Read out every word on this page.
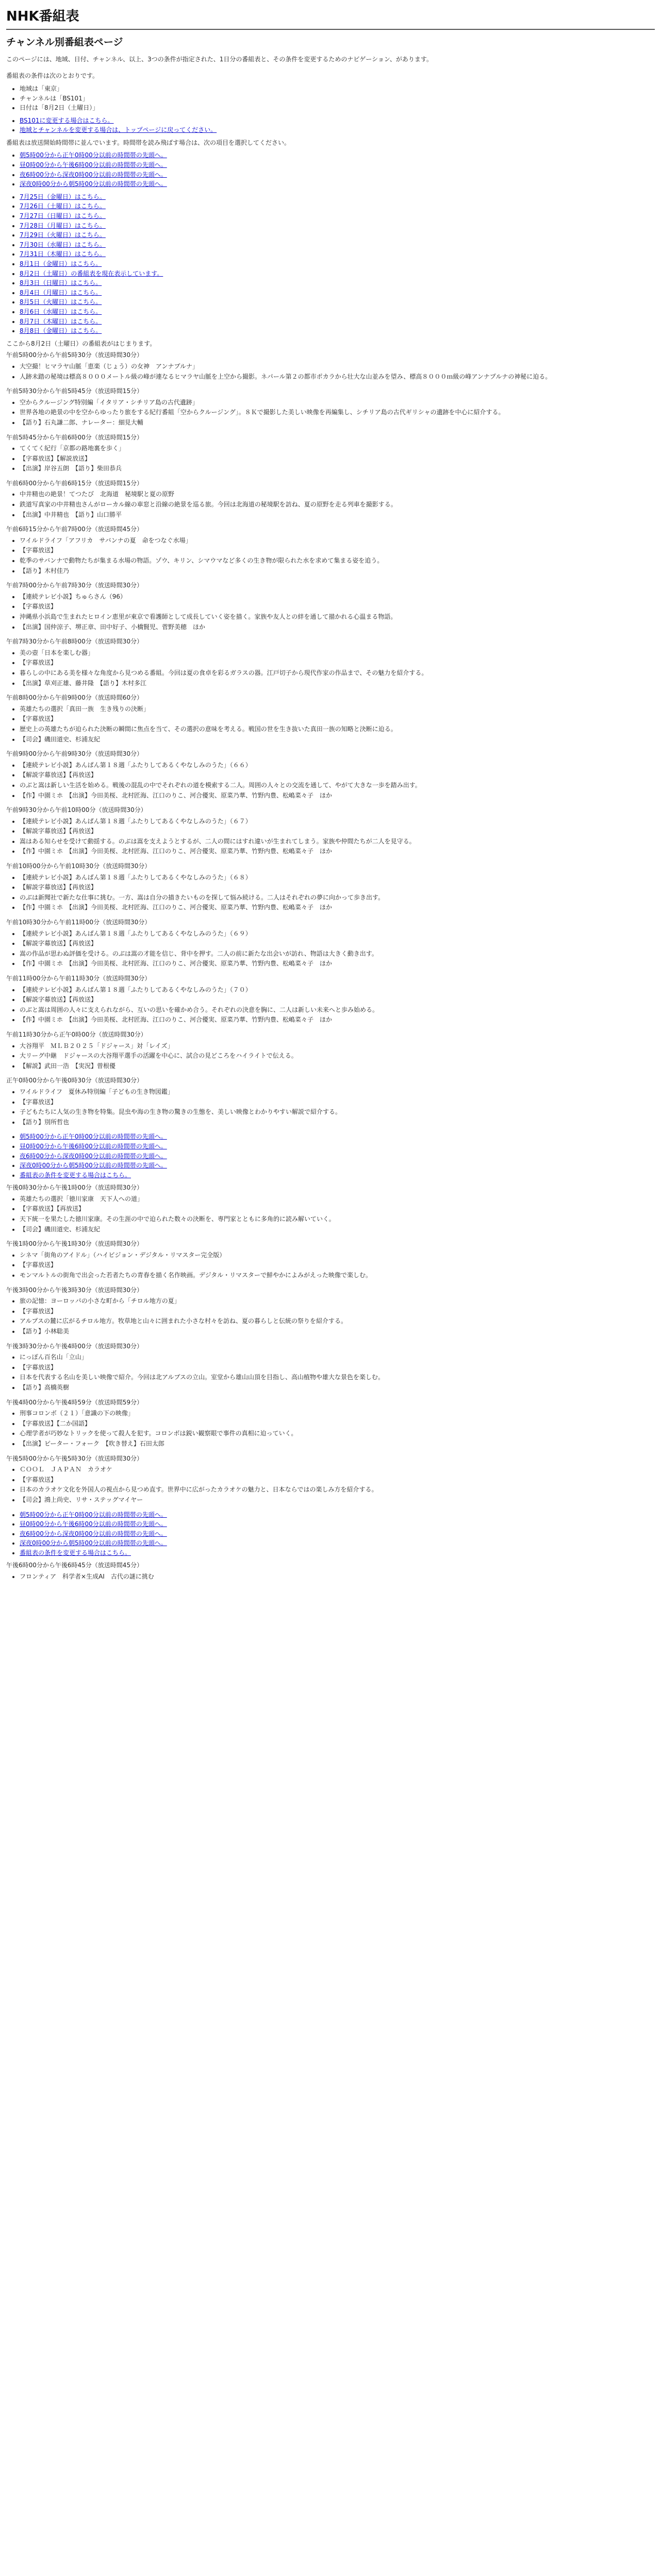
NHK番組表
チャンネル別番組表ページ

このページには、地域、日付、チャンネル、以上、3つの条件が指定された、1日分の番組表と、その条件を変更するためのナビゲーション、があります。

番組表の条件は次のとおりです。

• 地域は「東京」
• チャンネルは「BS101」
• 日付は「8月2日（土曜日）」
• BS101に変更する場合はこちら。
• 地域とチャンネルを変更する場合は、トップページに戻ってください。

番組表は放送開始時間帯に並んでいます。時間帯を読み飛ばす場合は、次の項目を選択してください。

• 朝5時00分から正午0時00分以前の時間帯の先頭へ。
• 昼0時00分から午後6時00分以前の時間帯の先頭へ。
• 夜6時00分から深夜0時00分以前の時間帯の先頭へ。
• 深夜0時00分から朝5時00分以前の時間帯の先頭へ。
• 7月25日（金曜日）はこちら。
• 7月26日（土曜日）はこちら。
• 7月27日（日曜日）はこちら。
• 7月28日（月曜日）はこちら。
• 7月29日（火曜日）はこちら。
• 7月30日（水曜日）はこちら。
• 7月31日（木曜日）はこちら。
• 8月1日（金曜日）はこちら。
• 8月2日（土曜日）の番組表を現在表示しています。
• 8月3日（日曜日）はこちら。
• 8月4日（月曜日）はこちら。
• 8月5日（火曜日）はこちら。
• 8月6日（水曜日）はこちら。
• 8月7日（木曜日）はこちら。
• 8月8日（金曜日）はこちら。

ここから8月2日（土曜日）の番組表がはじまります。

午前5時00分から午前5時30分（放送時間30分）

• 大空撮！ヒマラヤ山脈「恵楽（じょう）の女神　アンナプルナ」
• 人跡未踏の秘境は標高８０００メートル級の峰が連なるヒマラヤ山脈を上空から撮影。ネパール第２の都市ポカラから壮大な山並みを望み、標高８０００ｍ級の峰アンナプルナの神秘に迫る。

午前5時30分から午前5時45分（放送時間15分）

• 空からクルージング特別編「イタリア・シチリア島の古代遺跡」
• 世界各地の絶景の中を空からゆったり旅をする紀行番組「空からクルージング」。８Ｋで撮影した美しい映像を再編集し、シチリア島の古代ギリシャの遺跡を中心に紹介する。
• 【語り】石丸謙二郎、ナレーター：細見大輔

午前5時45分から午前6時00分（放送時間15分）

• てくてく紀行「京都の路地裏を歩く」
• 【字幕放送】【解説放送】
• 【出演】岸谷五朗　【語り】柴田恭兵

午前6時00分から午前6時15分（放送時間15分）

• 中井精也の絶景！てつたび　北海道　秘境駅と夏の原野
• 鉄道写真家の中井精也さんがローカル線の車窓と沿線の絶景を巡る旅。今回は北海道の秘境駅を訪ね、夏の原野を走る列車を撮影する。
• 【出演】中井精也　【語り】山口勝平

午前6時15分から午前7時00分（放送時間45分）

• ワイルドライフ「アフリカ　サバンナの夏　命をつなぐ水場」
• 【字幕放送】
• 乾季のサバンナで動物たちが集まる水場の物語。ゾウ、キリン、シマウマなど多くの生き物が限られた水を求めて集まる姿を追う。
• 【語り】木村佳乃

午前7時00分から午前7時30分（放送時間30分）

• 【連続テレビ小説】ちゅらさん（96）
• 【字幕放送】
• 沖縄県小浜島で生まれたヒロイン恵里が東京で看護師として成長していく姿を描く。家族や友人との絆を通して描かれる心温まる物語。
• 【出演】国仲涼子、堺正章、田中好子、小橋賢児、菅野美穂　ほか

午前7時30分から午前8時00分（放送時間30分）

• 美の壺「日本を楽しむ器」
• 【字幕放送】
• 暮らしの中にある美を様々な角度から見つめる番組。今回は夏の食卓を彩るガラスの器。江戸切子から現代作家の作品まで、その魅力を紹介する。
• 【出演】草刈正雄、藤井隆　【語り】木村多江

午前8時00分から午前9時00分（放送時間60分）

• 英雄たちの選択「真田一族　生き残りの決断」
• 【字幕放送】
• 歴史上の英雄たちが迫られた決断の瞬間に焦点を当て、その選択の意味を考える。戦国の世を生き抜いた真田一族の知略と決断に迫る。
• 【司会】磯田道史、杉浦友紀

午前9時00分から午前9時30分（放送時間30分）

• 【連続テレビ小説】あんぱん第１８週「ふたりしてあるくやなしみのうた」（６６）
• 【解説字幕放送】【再放送】
• のぶと嵩は新しい生活を始める。戦後の混乱の中でそれぞれの道を模索する二人。周囲の人々との交流を通して、やがて大きな一歩を踏み出す。
• 【作】中園ミホ　【出演】今田美桜、北村匠海、江口のりこ、河合優実、原菜乃華、竹野内豊、松嶋菜々子　ほか

午前9時30分から午前10時00分（放送時間30分）

• 【連続テレビ小説】あんぱん第１８週「ふたりしてあるくやなしみのうた」（６７）
• 【解説字幕放送】【再放送】
• 嵩はある知らせを受けて動揺する。のぶは嵩を支えようとするが、二人の間にはすれ違いが生まれてしまう。家族や仲間たちが二人を見守る。
• 【作】中園ミホ　【出演】今田美桜、北村匠海、江口のりこ、河合優実、原菜乃華、竹野内豊、松嶋菜々子　ほか

午前10時00分から午前10時30分（放送時間30分）

• 【連続テレビ小説】あんぱん第１８週「ふたりしてあるくやなしみのうた」（６８）
• 【解説字幕放送】【再放送】
• のぶは新聞社で新たな仕事に挑む。一方、嵩は自分の描きたいものを探して悩み続ける。二人はそれぞれの夢に向かって歩き出す。
• 【作】中園ミホ　【出演】今田美桜、北村匠海、江口のりこ、河合優実、原菜乃華、竹野内豊、松嶋菜々子　ほか

午前10時30分から午前11時00分（放送時間30分）

• 【連続テレビ小説】あんぱん第１８週「ふたりしてあるくやなしみのうた」（６９）
• 【解説字幕放送】【再放送】
• 嵩の作品が思わぬ評価を受ける。のぶは嵩の才能を信じ、背中を押す。二人の前に新たな出会いが訪れ、物語は大きく動き出す。
• 【作】中園ミホ　【出演】今田美桜、北村匠海、江口のりこ、河合優実、原菜乃華、竹野内豊、松嶋菜々子　ほか

午前11時00分から午前11時30分（放送時間30分）

• 【連続テレビ小説】あんぱん第１８週「ふたりしてあるくやなしみのうた」（７０）
• 【解説字幕放送】【再放送】
• のぶと嵩は周囲の人々に支えられながら、互いの思いを確かめ合う。それぞれの決意を胸に、二人は新しい未来へと歩み始める。
• 【作】中園ミホ　【出演】今田美桜、北村匠海、江口のりこ、河合優実、原菜乃華、竹野内豊、松嶋菜々子　ほか

午前11時30分から正午0時00分（放送時間30分）

• 大谷翔平　ＭＬＢ２０２５「ドジャース」対「レイズ」
• 大リーグ中継　ドジャースの大谷翔平選手の活躍を中心に、試合の見どころをハイライトで伝える。
• 【解説】武田一浩　【実況】曽根優

正午0時00分から午後0時30分（放送時間30分）

• ワイルドライフ　夏休み特別編「子どもの生き物図鑑」
• 【字幕放送】
• 子どもたちに人気の生き物を特集。昆虫や海の生き物の驚きの生態を、美しい映像とわかりやすい解説で紹介する。
• 【語り】別所哲也
• 朝5時00分から正午0時00分以前の時間帯の先頭へ。
• 昼0時00分から午後6時00分以前の時間帯の先頭へ。
• 夜6時00分から深夜0時00分以前の時間帯の先頭へ。
• 深夜0時00分から朝5時00分以前の時間帯の先頭へ。
• 番組表の条件を変更する場合はこちら。

午後0時30分から午後1時00分（放送時間30分）

• 英雄たちの選択「徳川家康　天下人への道」
• 【字幕放送】【再放送】
• 天下統一を果たした徳川家康。その生涯の中で迫られた数々の決断を、専門家とともに多角的に読み解いていく。
• 【司会】磯田道史、杉浦友紀

午後1時00分から午後1時30分（放送時間30分）

• シネマ「街角のアイドル」（ハイビジョン・デジタル・リマスター完全版）
• 【字幕放送】
• モンマルトルの街角で出会った若者たちの青春を描く名作映画。デジタル・リマスターで鮮やかによみがえった映像で楽しむ。

午後3時00分から午後3時30分（放送時間30分）

• 旅の記憶：ヨーロッパの小さな町から「チロル地方の夏」
• 【字幕放送】
• アルプスの麓に広がるチロル地方。牧草地と山々に囲まれた小さな村々を訪ね、夏の暮らしと伝統の祭りを紹介する。
• 【語り】小林聡美

午後3時30分から午後4時00分（放送時間30分）

• にっぽん百名山「立山」
• 【字幕放送】
• 日本を代表する名山を美しい映像で紹介。今回は北アルプスの立山。室堂から雄山山頂を目指し、高山植物や雄大な景色を楽しむ。
• 【語り】高橋英樹

午後4時00分から午後4時59分（放送時間59分）

• 刑事コロンボ（２１）「意識の下の映像」
• 【字幕放送】【二か国語】
• 心理学者が巧妙なトリックを使って殺人を犯す。コロンボは鋭い観察眼で事件の真相に迫っていく。
• 【出演】ピーター・フォーク　【吹き替え】石田太郎

午後5時00分から午後5時30分（放送時間30分）

• ＣＯＯＬ　ＪＡＰＡＮ　カラオケ
• 【字幕放送】
• 日本のカラオケ文化を外国人の視点から見つめ直す。世界中に広がったカラオケの魅力と、日本ならではの楽しみ方を紹介する。
• 【司会】鴻上尚史、リサ・ステッグマイヤー
• 朝5時00分から正午0時00分以前の時間帯の先頭へ。
• 昼0時00分から午後6時00分以前の時間帯の先頭へ。
• 夜6時00分から深夜0時00分以前の時間帯の先頭へ。
• 深夜0時00分から朝5時00分以前の時間帯の先頭へ。
• 番組表の条件を変更する場合はこちら。

午後6時00分から午後6時45分（放送時間45分）

• フロンティア　科学者×生成AI　古代の謎に挑む
